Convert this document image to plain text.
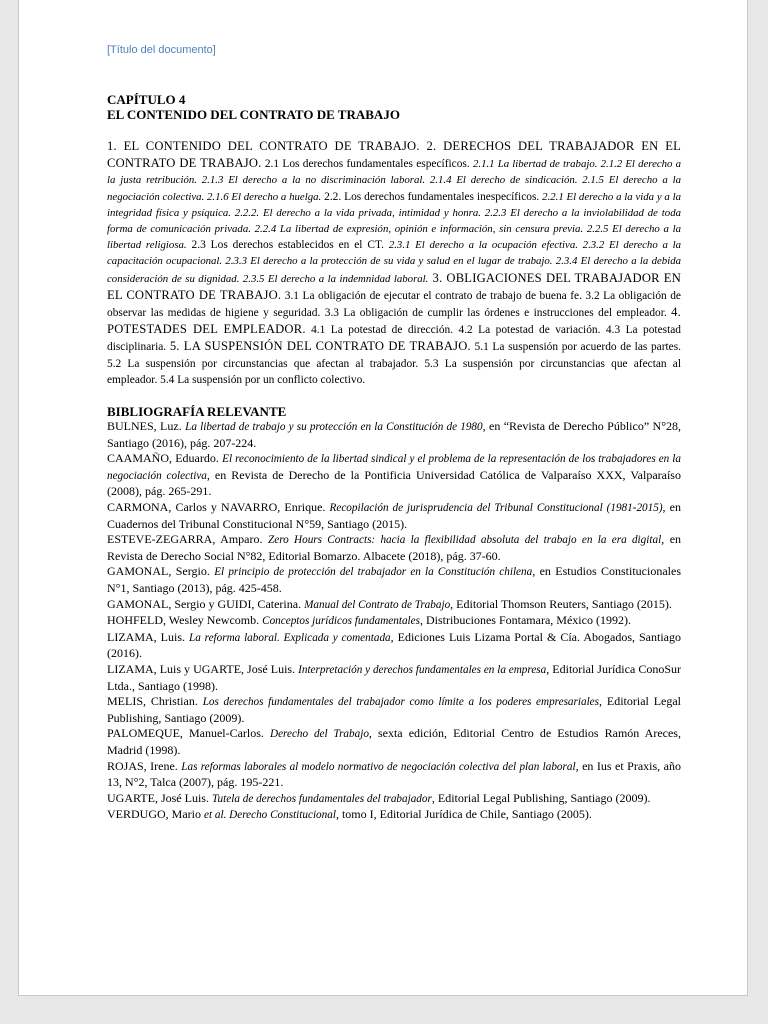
[Título del documento]
CAPÍTULO 4
EL CONTENIDO DEL CONTRATO DE TRABAJO
1. EL CONTENIDO DEL CONTRATO DE TRABAJO. 2. DERECHOS DEL TRABAJADOR EN EL CONTRATO DE TRABAJO. 2.1 Los derechos fundamentales específicos. 2.1.1 La libertad de trabajo. 2.1.2 El derecho a la justa retribución. 2.1.3 El derecho a la no discriminación laboral. 2.1.4 El derecho de sindicación. 2.1.5 El derecho a la negociación colectiva. 2.1.6 El derecho a huelga. 2.2. Los derechos fundamentales inespecíficos. 2.2.1 El derecho a la vida y a la integridad física y psíquica. 2.2.2. El derecho a la vida privada, intimidad y honra. 2.2.3 El derecho a la inviolabilidad de toda forma de comunicación privada. 2.2.4 La libertad de expresión, opinión e información, sin censura previa. 2.2.5 El derecho a la libertad religiosa. 2.3 Los derechos establecidos en el CT. 2.3.1 El derecho a la ocupación efectiva. 2.3.2 El derecho a la capacitación ocupacional. 2.3.3 El derecho a la protección de su vida y salud en el lugar de trabajo. 2.3.4 El derecho a la debida consideración de su dignidad. 2.3.5 El derecho a la indemnidad laboral. 3. OBLIGACIONES DEL TRABAJADOR EN EL CONTRATO DE TRABAJO. 3.1 La obligación de ejecutar el contrato de trabajo de buena fe. 3.2 La obligación de observar las medidas de higiene y seguridad. 3.3 La obligación de cumplir las órdenes e instrucciones del empleador. 4. POTESTADES DEL EMPLEADOR. 4.1 La potestad de dirección. 4.2 La potestad de variación. 4.3 La potestad disciplinaria. 5. LA SUSPENSIÓN DEL CONTRATO DE TRABAJO. 5.1 La suspensión por acuerdo de las partes. 5.2 La suspensión por circunstancias que afectan al trabajador. 5.3 La suspensión por circunstancias que afectan al empleador. 5.4 La suspensión por un conflicto colectivo.
BIBLIOGRAFÍA RELEVANTE
BULNES, Luz. La libertad de trabajo y su protección en la Constitución de 1980, en “Revista de Derecho Público” N°28, Santiago (2016), pág. 207-224.
CAAMAÑO, Eduardo. El reconocimiento de la libertad sindical y el problema de la representación de los trabajadores en la negociación colectiva, en Revista de Derecho de la Pontificia Universidad Católica de Valparaíso XXX, Valparaíso (2008), pág. 265-291.
CARMONA, Carlos y NAVARRO, Enrique. Recopilación de jurisprudencia del Tribunal Constitucional (1981-2015), en Cuadernos del Tribunal Constitucional N°59, Santiago (2015).
ESTEVE-ZEGARRA, Amparo. Zero Hours Contracts: hacia la flexibilidad absoluta del trabajo en la era digital, en Revista de Derecho Social N°82, Editorial Bomarzo. Albacete (2018), pág. 37-60.
GAMONAL, Sergio. El principio de protección del trabajador en la Constitución chilena, en Estudios Constitucionales N°1, Santiago (2013), pág. 425-458.
GAMONAL, Sergio y GUIDI, Caterina. Manual del Contrato de Trabajo, Editorial Thomson Reuters, Santiago (2015).
HOHFELD, Wesley Newcomb. Conceptos jurídicos fundamentales, Distribuciones Fontamara, México (1992).
LIZAMA, Luis. La reforma laboral. Explicada y comentada, Ediciones Luis Lizama Portal & Cía. Abogados, Santiago (2016).
LIZAMA, Luis y UGARTE, José Luis. Interpretación y derechos fundamentales en la empresa, Editorial Jurídica ConoSur Ltda., Santiago (1998).
MELIS, Christian. Los derechos fundamentales del trabajador como límite a los poderes empresariales, Editorial Legal Publishing, Santiago (2009).
PALOMEQUE, Manuel-Carlos. Derecho del Trabajo, sexta edición, Editorial Centro de Estudios Ramón Areces, Madrid (1998).
ROJAS, Irene. Las reformas laborales al modelo normativo de negociación colectiva del plan laboral, en Ius et Praxis, año 13, N°2, Talca (2007), pág. 195-221.
UGARTE, José Luis. Tutela de derechos fundamentales del trabajador, Editorial Legal Publishing, Santiago (2009).
VERDUGO, Mario et al. Derecho Constitucional, tomo I, Editorial Jurídica de Chile, Santiago (2005).
